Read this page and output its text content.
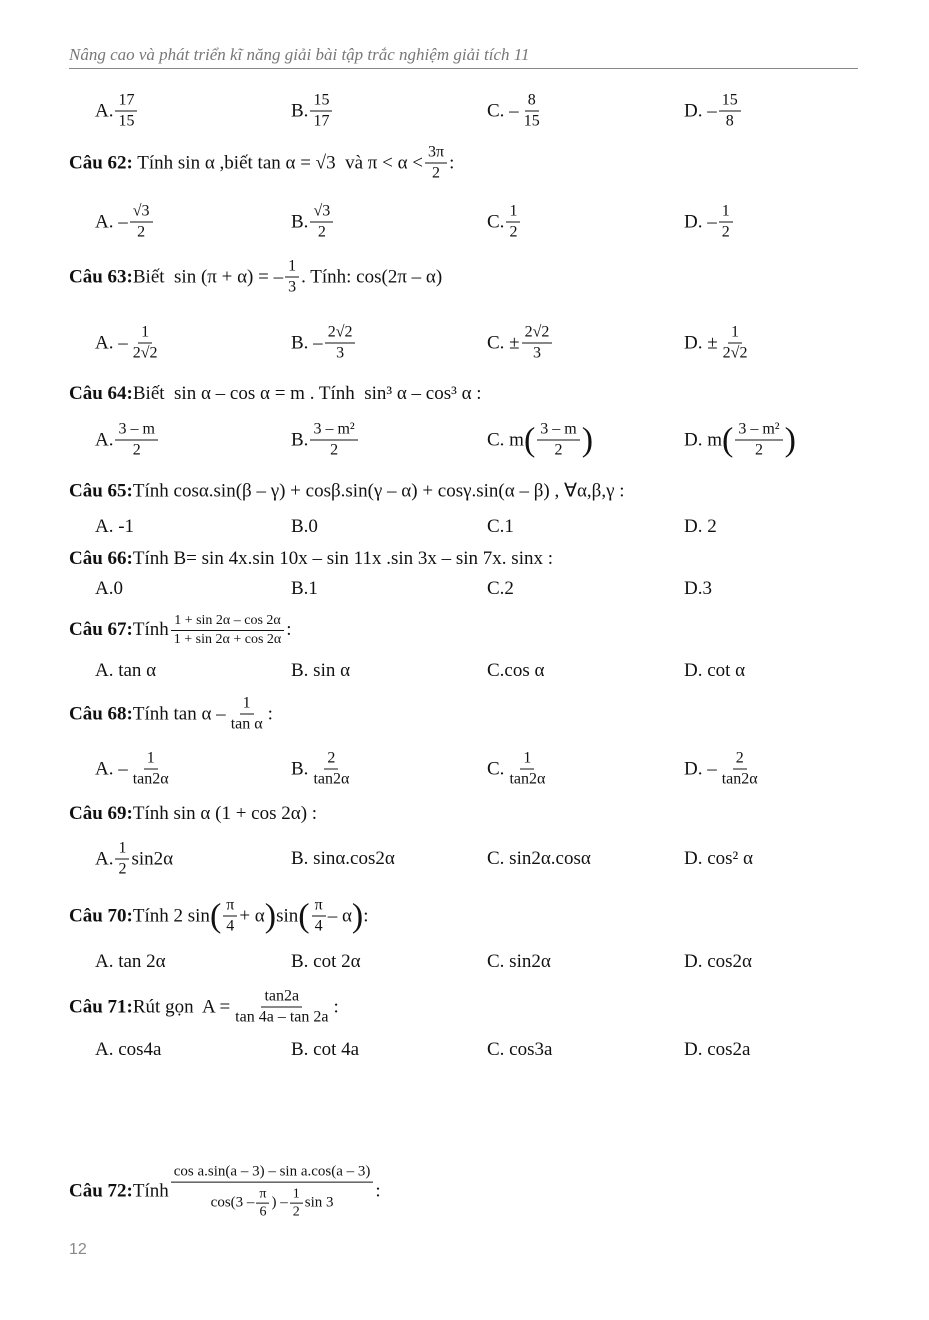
Nâng cao và phát triển kĩ năng giải bài tập trắc nghiệm giải tích 11
A. $\frac{17}{15}$	B. $\frac{15}{17}$	C. – $\frac{8}{15}$	D. – $\frac{15}{8}$
Câu 62: Tính sin α ,biết tan α = √3  và $\pi < \alpha < \frac{3\pi}{2}$ :
A. – $\frac{√3}{2}$	B. $\frac{√3}{2}$	C. $\frac{1}{2}$	D. – $\frac{1}{2}$
Câu 63: Biết  sin (π + α) = – $\frac{1}{3}$ . Tính: cos(2π – α)
A. – $\frac{1}{2√2}$	B. – $\frac{2√2}{3}$	C. ± $\frac{2√2}{3}$	D. ± $\frac{1}{2√2}$
Câu 64: Biết  sin α – cos α = m . Tính  sin³ α – cos³ α :
A. $\frac{3 - m}{2}$	B. $\frac{\text{3 – m²}}{2}$	C. m ( $\frac{3 - m}{2}$ )	D. m ( $\frac{\text{3 – m²}}{2}$ )
Câu 65: Tính cosα.sin(β – γ) + cosβ.sin(γ – α) + cosγ.sin(α – β) , ∀α,β,γ :
A. -1	B.0	C.1	D. 2
Câu 66: Tính B= sin 4x.sin 10x – sin 11x .sin 3x – sin 7x. sinx :
A.0	B.1	C.2	D.3
Câu 67: Tính $\frac{1 + \sin 2\alpha - \cos 2\alpha}{1 + \sin 2\alpha + \cos 2\alpha}$ :
A. tan α	B. sin α	C.cos α	D. cot α
Câu 68: Tính tan α – $\frac{1}{\text{tan α}}$ :
A. – $\frac{1}{\tan 2\alpha}$	B. $\frac{2}{\tan 2\alpha}$	C. $\frac{1}{\tan 2\alpha}$	D. – $\frac{2}{\tan 2\alpha}$
Câu 69: Tính sin α (1 + cos 2α) :
A. $\frac{1}{2} \sin 2\alpha$	B. sinα.cos2α	C. sin2α.cosα	D. cos² α
Câu 70: Tính 2 sin ( $\frac{\pi}{4} + \alpha$ ) sin ( $\frac{\pi}{4}$ – α ) :
A. tan 2α	B. cot 2α	C. sin2α	D. cos2α
Câu 71: Rút gọn  $A = \frac{\tan 2a}{\tan 4a - \tan 2a}$ :
A. cos4a	B. cot 4a	C. cos3a	D. cos2a
Câu 72: Tính $\frac{\text{cos a.sin(a – 3) – sin a.cos(a – 3)}}{\cos(3 - \frac{\pi}{6} ) - \frac{1}{2} \sin 3}$ :
12
